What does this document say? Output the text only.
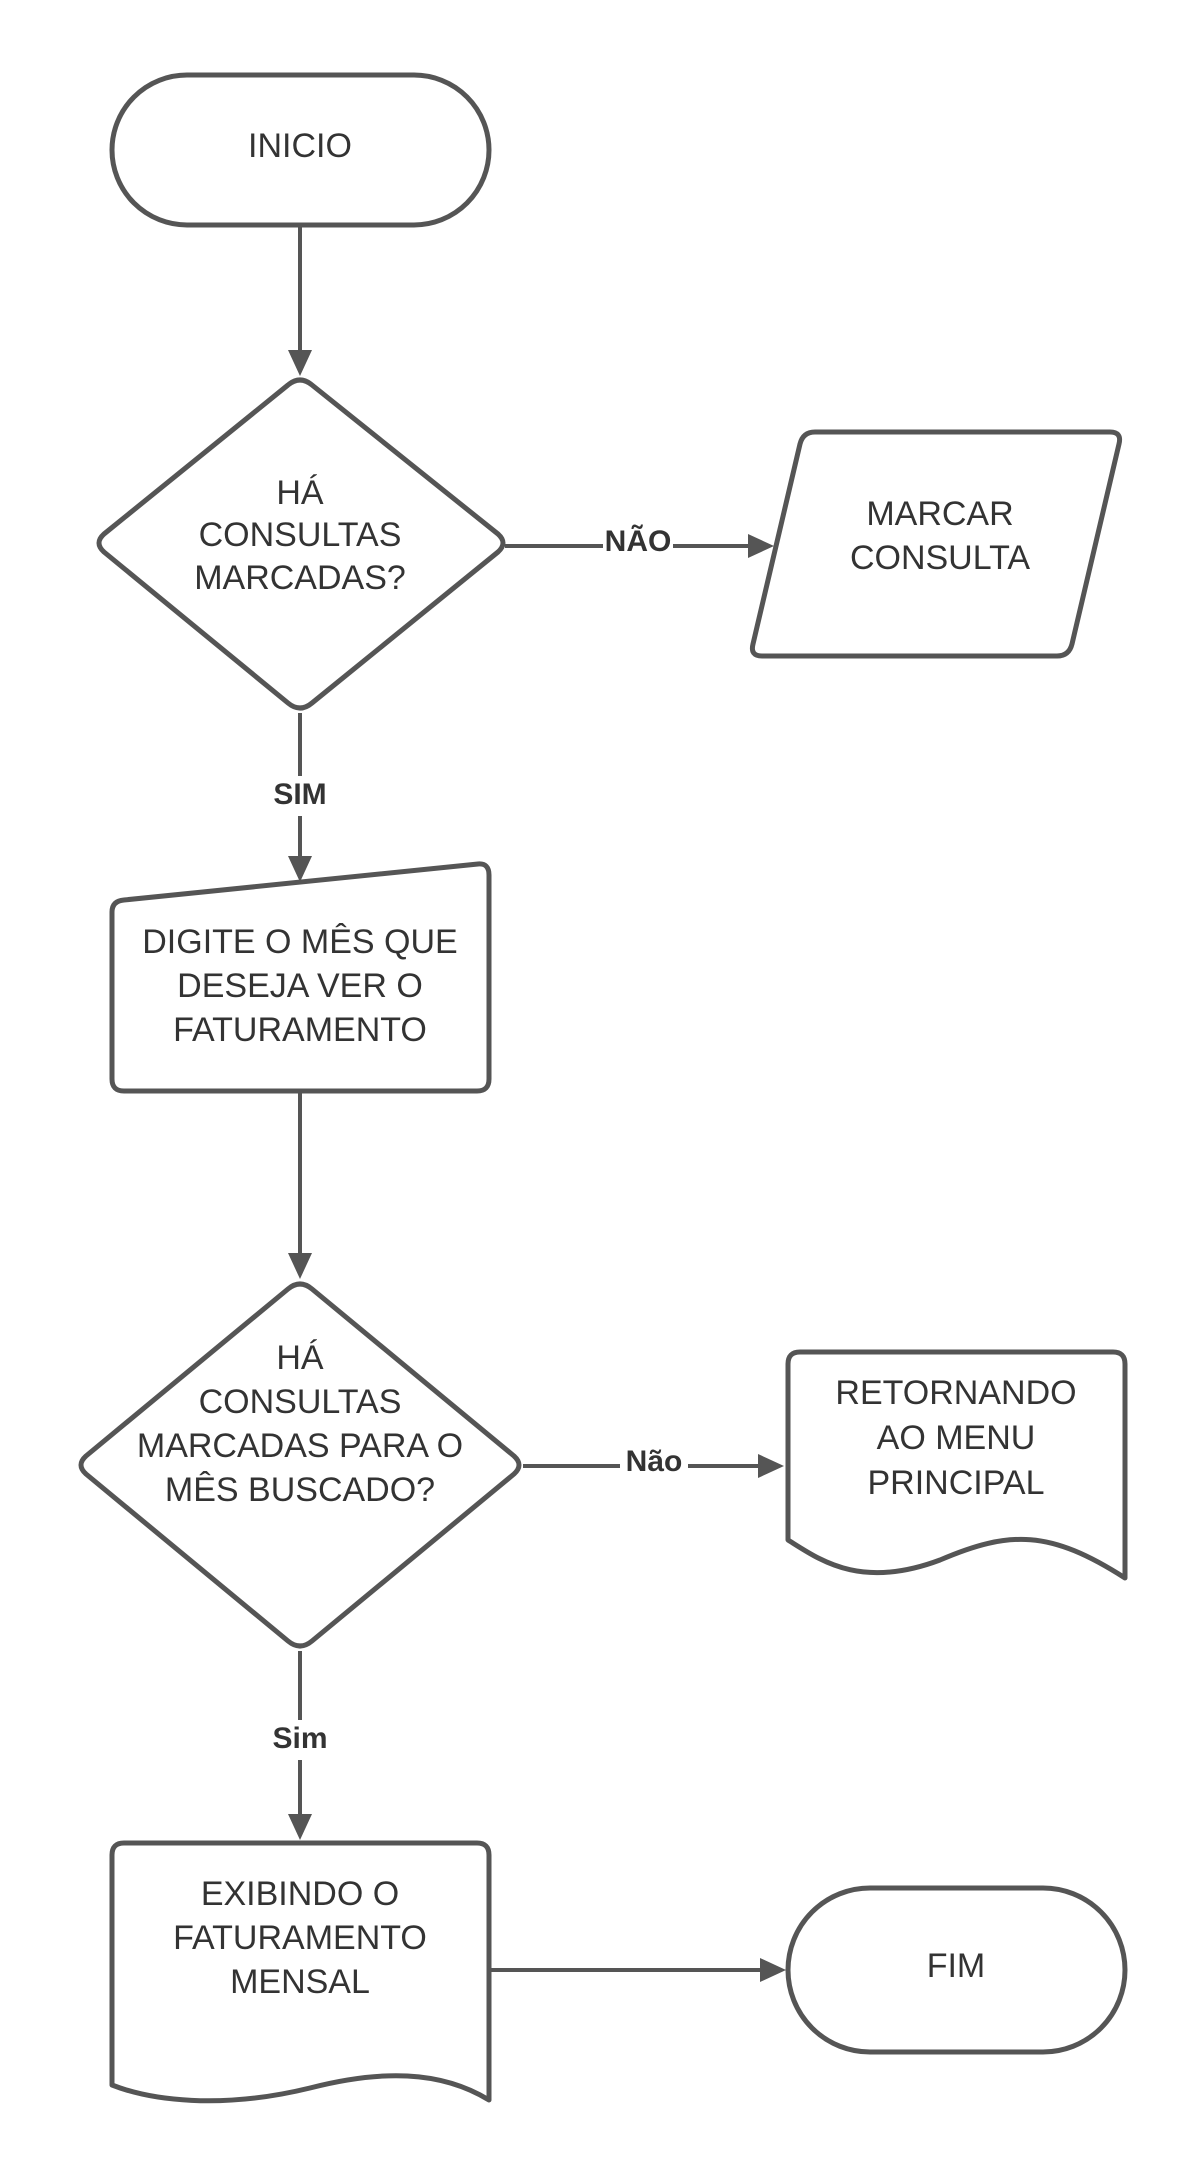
NÃO
SIM
Não
Sim
INICIO
HÁ
CONSULTAS
MARCADAS?
MARCAR
CONSULTA
DIGITE O MÊS QUE
DESEJA VER O
FATURAMENTO
HÁ
CONSULTAS
MARCADAS PARA O
MÊS BUSCADO?
RETORNANDO
AO MENU
PRINCIPAL
EXIBINDO O
FATURAMENTO
MENSAL	FIM
